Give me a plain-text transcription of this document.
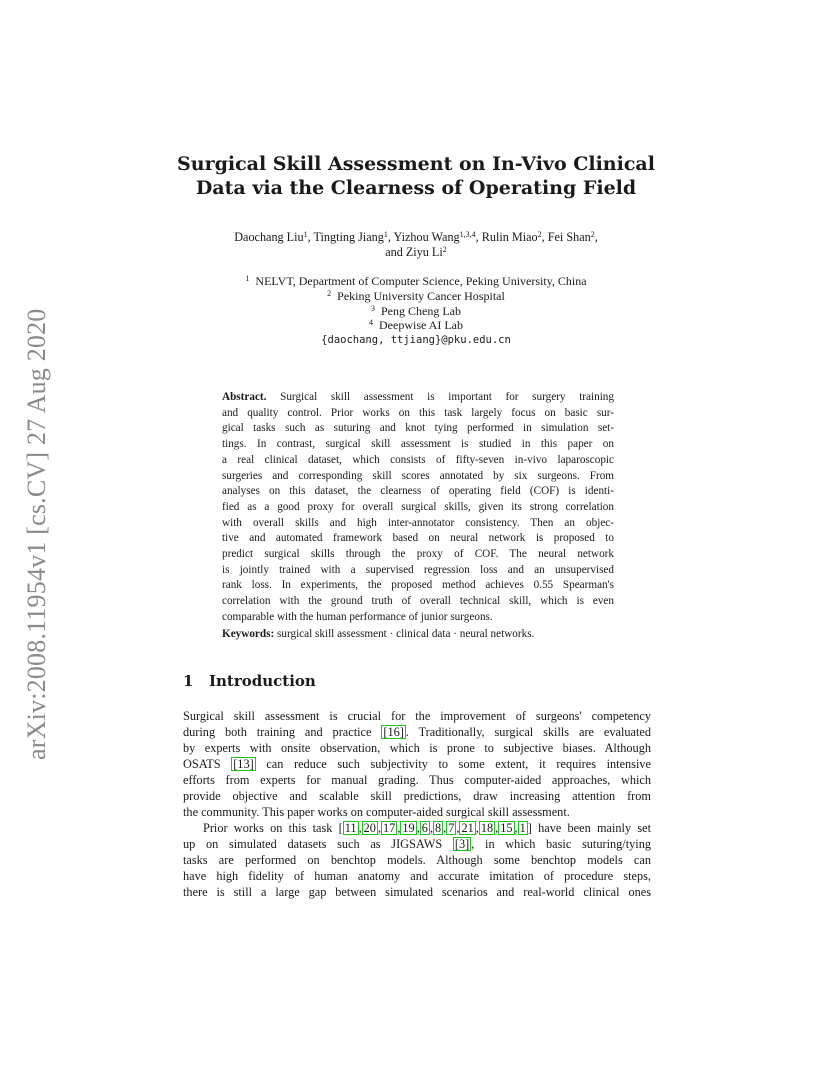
arXiv:2008.11954v1 [cs.CV] 27 Aug 2020
Surgical Skill Assessment on In-Vivo Clinical
Data via the Clearness of Operating Field
Daochang Liu$^1$, Tingting Jiang$^1$, Yizhou Wang$^{1,3,4}$, Rulin Miao$^2$, Fei Shan$^2$,
and Ziyu Li$^2$
$^1$ NELVT, Department of Computer Science, Peking University, China
$^2$ Peking University Cancer Hospital
$^3$ Peng Cheng Lab
$^4$ Deepwise AI Lab
{daochang, ttjiang}@pku.edu.cn
Abstract. Surgical skill assessment is important for surgery training
and quality control. Prior works on this task largely focus on basic sur-
gical tasks such as suturing and knot tying performed in simulation set-
tings. In contrast, surgical skill assessment is studied in this paper on
a real clinical dataset, which consists of fifty-seven in-vivo laparoscopic
surgeries and corresponding skill scores annotated by six surgeons. From
analyses on this dataset, the clearness of operating field (COF) is identi-
fied as a good proxy for overall surgical skills, given its strong correlation
with overall skills and high inter-annotator consistency. Then an objec-
tive and automated framework based on neural network is proposed to
predict surgical skills through the proxy of COF. The neural network
is jointly trained with a supervised regression loss and an unsupervised
rank loss. In experiments, the proposed method achieves 0.55 Spearman's
correlation with the ground truth of overall technical skill, which is even
comparable with the human performance of junior surgeons.
Keywords: surgical skill assessment · clinical data · neural networks.
1 Introduction
Surgical skill assessment is crucial for the improvement of surgeons' competency
during both training and practice [16] . Traditionally, surgical skills are evaluated
by experts with onsite observation, which is prone to subjective biases. Although
OSATS [13] can reduce such subjectivity to some extent, it requires intensive
efforts from experts for manual grading. Thus computer-aided approaches, which
provide objective and scalable skill predictions, draw increasing attention from
the community. This paper works on computer-aided surgical skill assessment.
Prior works on this task [ 11 , 20 , 17 , 19 , 6 , 8 , 7 , 21 , 18 , 15 , 1 ] have been mainly set
up on simulated datasets such as JIGSAWS [3] , in which basic suturing/tying
tasks are performed on benchtop models. Although some benchtop models can
have high fidelity of human anatomy and accurate imitation of procedure steps,
there is still a large gap between simulated scenarios and real-world clinical ones
